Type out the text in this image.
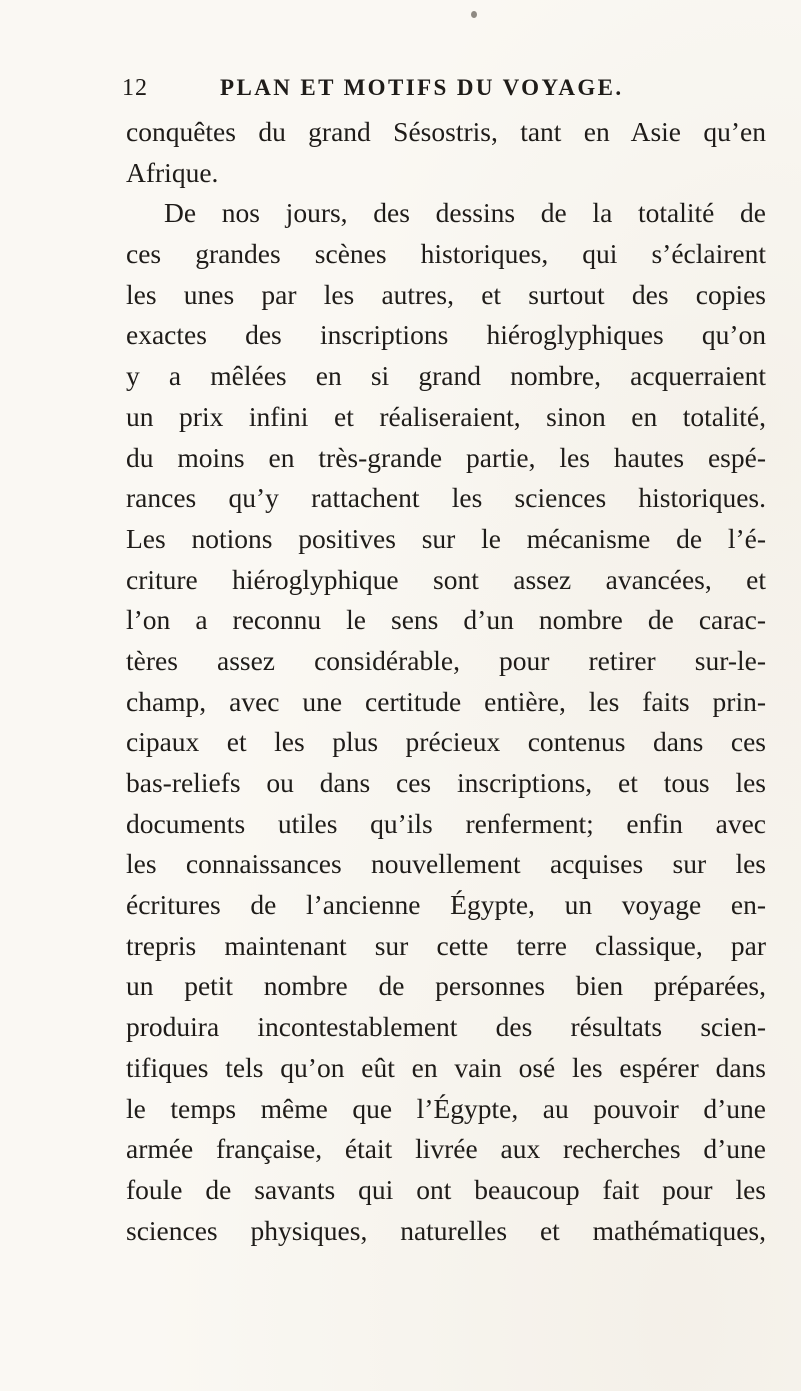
12	PLAN ET MOTIFS DU VOYAGE.
conquêtes du grand Sésostris, tant en Asie qu’en
Afrique.
De nos jours, des dessins de la totalité de
ces grandes scènes historiques, qui s’éclairent
les unes par les autres, et surtout des copies
exactes des inscriptions hiéroglyphiques qu’on
y a mêlées en si grand nombre, acquerraient
un prix infini et réaliseraient, sinon en totalité,
du moins en très-grande partie, les hautes espé-
rances qu’y rattachent les sciences historiques.
Les notions positives sur le mécanisme de l’é-
criture hiéroglyphique sont assez avancées, et
l’on a reconnu le sens d’un nombre de carac-
tères assez considérable, pour retirer sur-le-
champ, avec une certitude entière, les faits prin-
cipaux et les plus précieux contenus dans ces
bas-reliefs ou dans ces inscriptions, et tous les
documents utiles qu’ils renferment; enfin avec
les connaissances nouvellement acquises sur les
écritures de l’ancienne Égypte, un voyage en-
trepris maintenant sur cette terre classique, par
un petit nombre de personnes bien préparées,
produira incontestablement des résultats scien-
tifiques tels qu’on eût en vain osé les espérer dans
le temps même que l’Égypte, au pouvoir d’une
armée française, était livrée aux recherches d’une
foule de savants qui ont beaucoup fait pour les
sciences physiques, naturelles et mathématiques,
